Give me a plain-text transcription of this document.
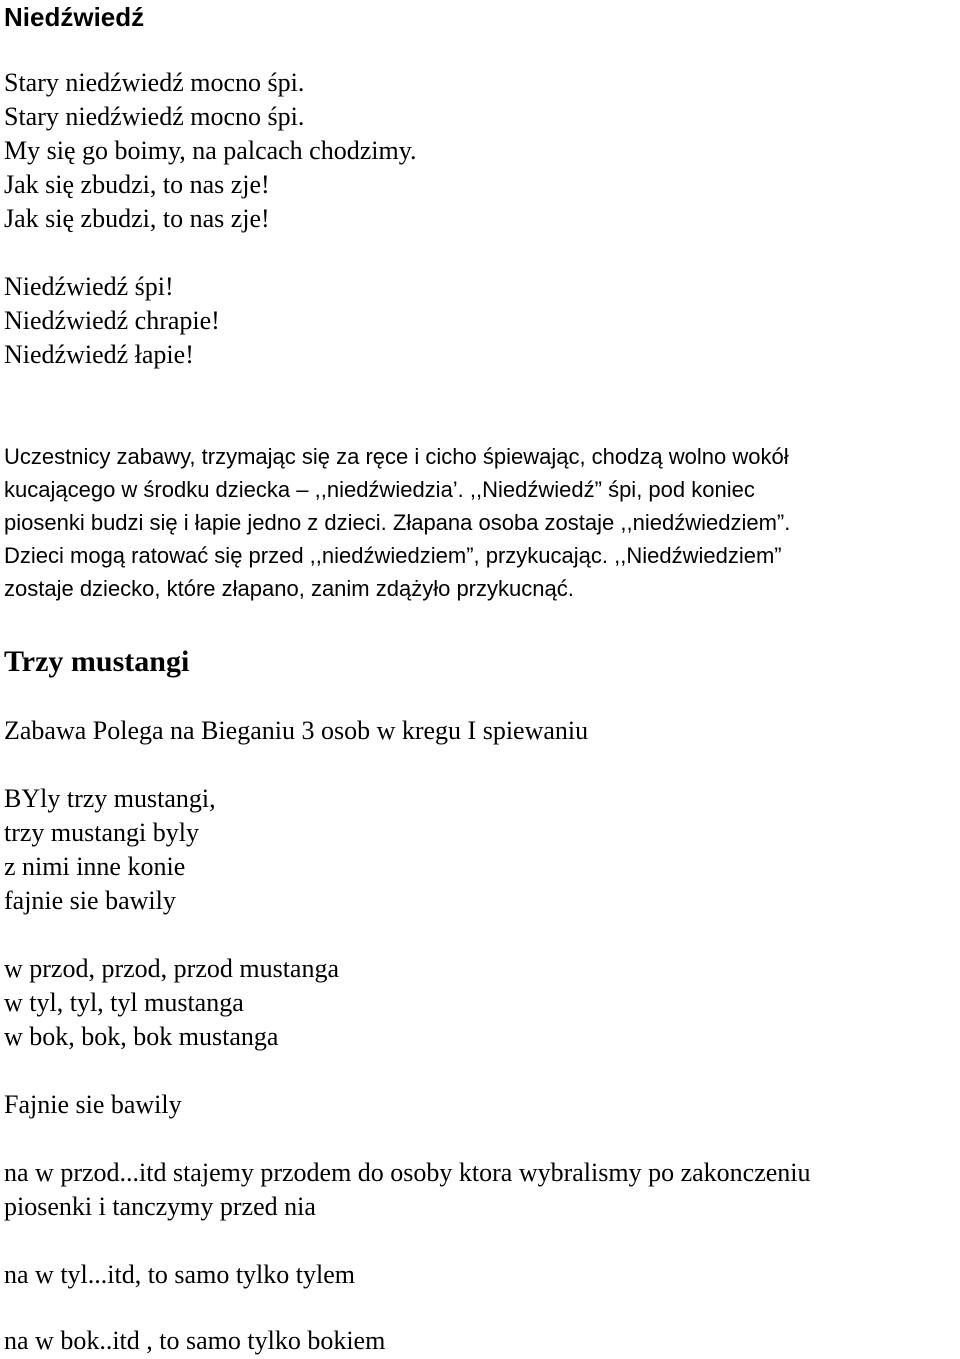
Niedźwiedź
Stary niedźwiedź mocno śpi.
Stary niedźwiedź mocno śpi.
My się go boimy, na palcach chodzimy.
Jak się zbudzi, to nas zje!
Jak się zbudzi, to nas zje!
Niedźwiedź śpi!
Niedźwiedź chrapie!
Niedźwiedź łapie!
Uczestnicy zabawy, trzymając się za ręce i cicho śpiewając, chodzą wolno wokół
kucającego w środku dziecka – ,,niedźwiedzia’. ,,Niedźwiedź” śpi, pod koniec
piosenki budzi się i łapie jedno z dzieci. Złapana osoba zostaje ,,niedźwiedziem”.
Dzieci mogą ratować się przed ,,niedźwiedziem”, przykucając. ,,Niedźwiedziem”
zostaje dziecko, które złapano, zanim zdążyło przykucnąć.
Trzy mustangi
Zabawa Polega na Bieganiu 3 osob w kregu I spiewaniu
BYly trzy mustangi,
trzy mustangi byly
z nimi inne konie
fajnie sie bawily
w przod, przod, przod mustanga
w tyl, tyl, tyl mustanga
w bok, bok, bok mustanga
Fajnie sie bawily
na w przod...itd stajemy przodem do osoby ktora wybralismy po zakonczeniu
piosenki i tanczymy przed nia
na w tyl...itd, to samo tylko tylem
na w bok..itd , to samo tylko bokiem
